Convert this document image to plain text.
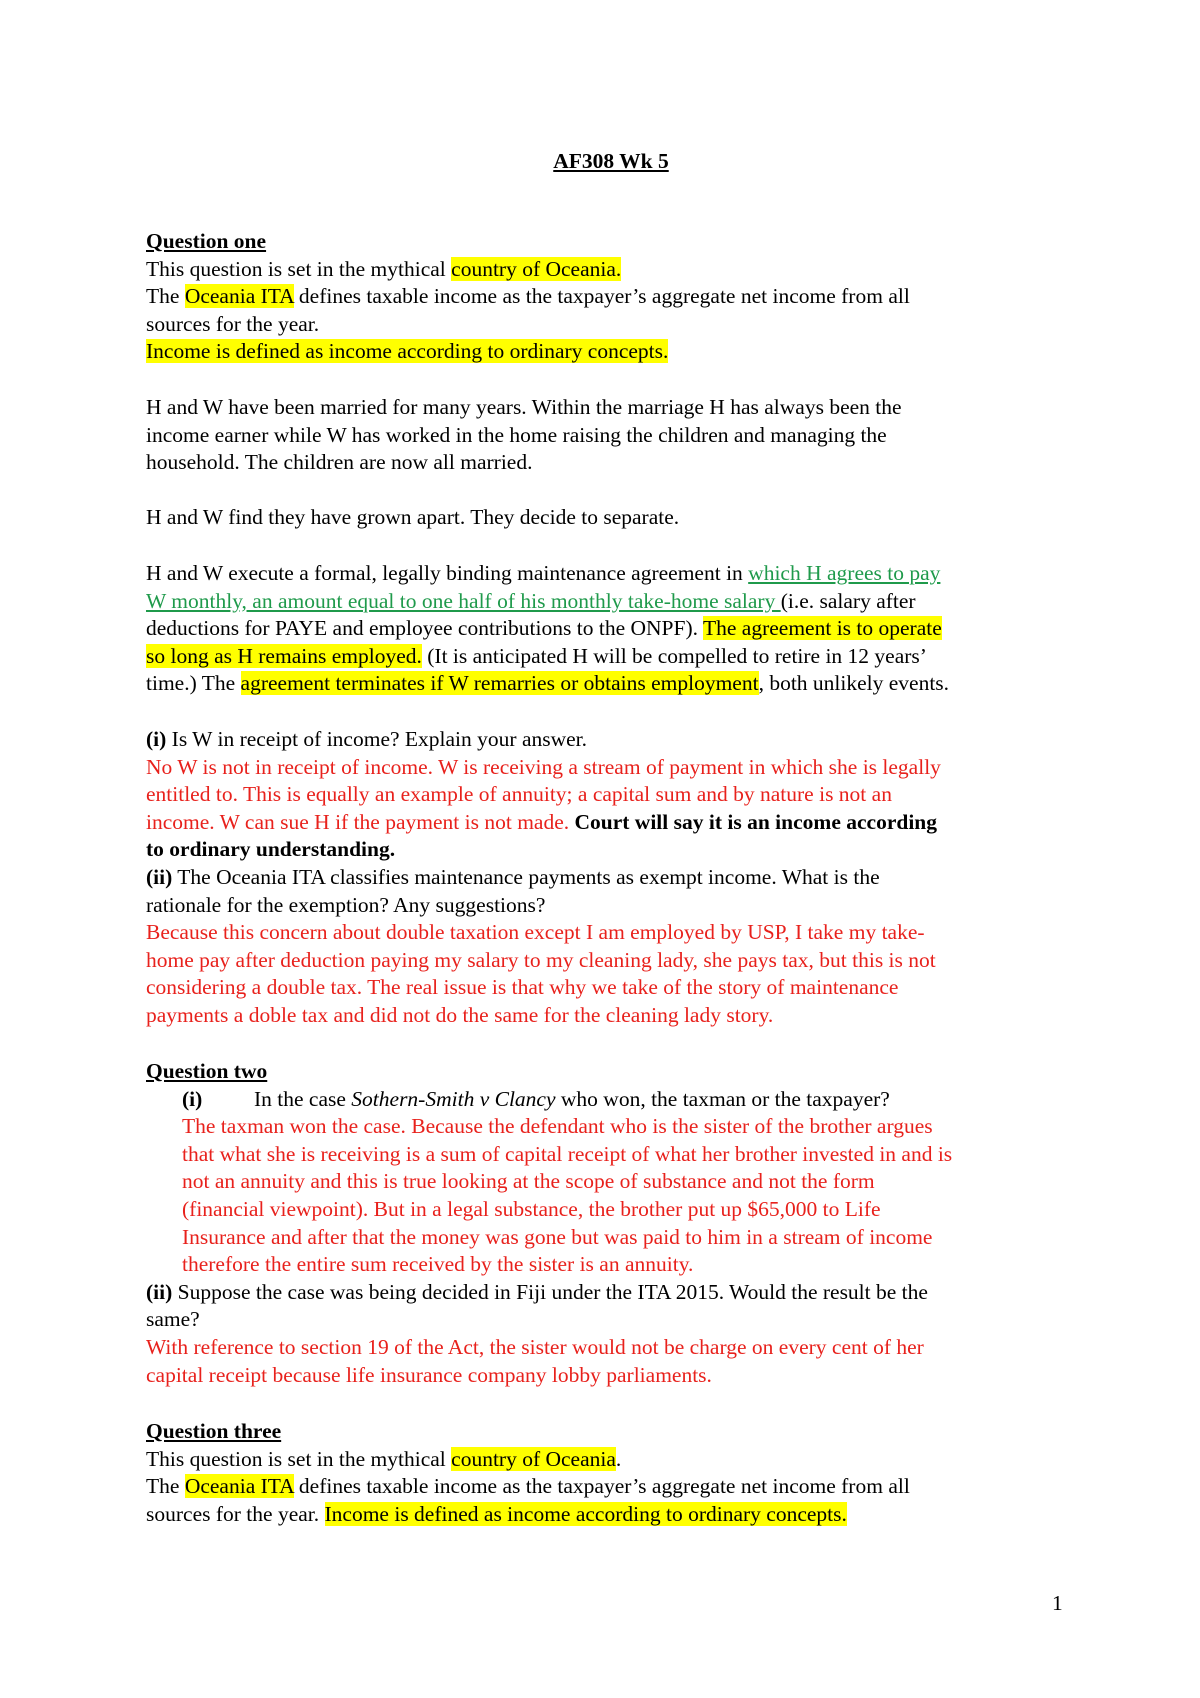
AF308 Wk 5
Question one
This question is set in the mythical country of Oceania.
The Oceania ITA defines taxable income as the taxpayer’s aggregate net income from all
sources for the year.
Income is defined as income according to ordinary concepts.
H and W have been married for many years. Within the marriage H has always been the
income earner while W has worked in the home raising the children and managing the
household. The children are now all married.
H and W find they have grown apart. They decide to separate.
H and W execute a formal, legally binding maintenance agreement in which H agrees to pay
W monthly, an amount equal to one half of his monthly take-home salary (i.e. salary after
deductions for PAYE and employee contributions to the ONPF). The agreement is to operate
so long as H remains employed. (It is anticipated H will be compelled to retire in 12 years’
time.) The agreement terminates if W remarries or obtains employment, both unlikely events.
(i) Is W in receipt of income? Explain your answer.
No W is not in receipt of income. W is receiving a stream of payment in which she is legally
entitled to. This is equally an example of annuity; a capital sum and by nature is not an
income. W can sue H if the payment is not made. Court will say it is an income according
to ordinary understanding.
(ii) The Oceania ITA classifies maintenance payments as exempt income. What is the
rationale for the exemption? Any suggestions?
Because this concern about double taxation except I am employed by USP, I take my take-
home pay after deduction paying my salary to my cleaning lady, she pays tax, but this is not
considering a double tax. The real issue is that why we take of the story of maintenance
payments a doble tax and did not do the same for the cleaning lady story.
Question two
(i) In the case Sothern-Smith v Clancy who won, the taxman or the taxpayer?
The taxman won the case. Because the defendant who is the sister of the brother argues
that what she is receiving is a sum of capital receipt of what her brother invested in and is
not an annuity and this is true looking at the scope of substance and not the form
(financial viewpoint). But in a legal substance, the brother put up $65,000 to Life
Insurance and after that the money was gone but was paid to him in a stream of income
therefore the entire sum received by the sister is an annuity.
(ii) Suppose the case was being decided in Fiji under the ITA 2015. Would the result be the
same?
With reference to section 19 of the Act, the sister would not be charge on every cent of her
capital receipt because life insurance company lobby parliaments.
Question three
This question is set in the mythical country of Oceania.
The Oceania ITA defines taxable income as the taxpayer’s aggregate net income from all
sources for the year. Income is defined as income according to ordinary concepts.
1
